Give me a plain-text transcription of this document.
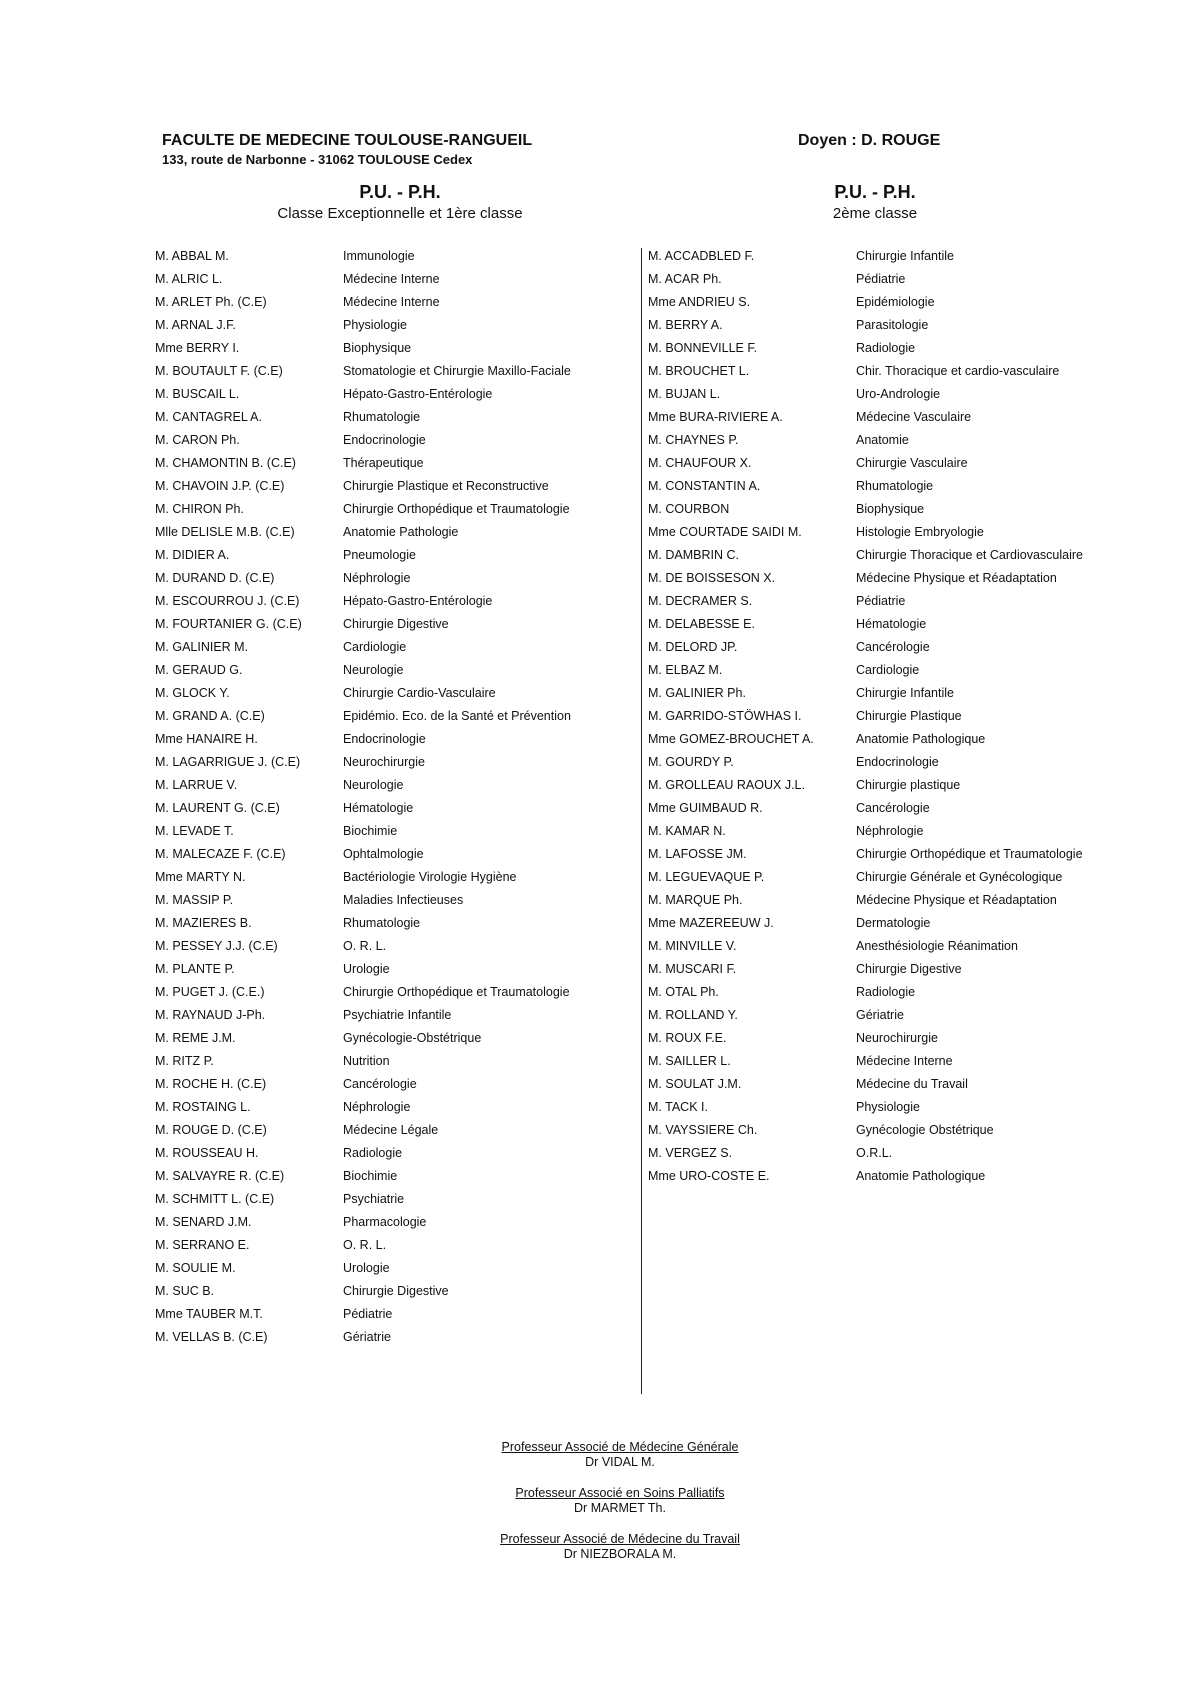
FACULTE DE MEDECINE TOULOUSE-RANGUEIL
133, route de Narbonne - 31062 TOULOUSE Cedex
Doyen : D. ROUGE
P.U. - P.H.
Classe Exceptionnelle et 1ère classe
P.U. - P.H.
2ème classe
M. ABBAL M.	Immunologie
M. ALRIC L.	Médecine Interne
M. ARLET Ph. (C.E)	Médecine Interne
M. ARNAL J.F.	Physiologie
Mme BERRY I.	Biophysique
M. BOUTAULT F. (C.E)	Stomatologie et Chirurgie Maxillo-Faciale
M. BUSCAIL L.	Hépato-Gastro-Entérologie
M. CANTAGREL A.	Rhumatologie
M. CARON Ph.	Endocrinologie
M. CHAMONTIN B. (C.E)	Thérapeutique
M. CHAVOIN J.P. (C.E)	Chirurgie Plastique et Reconstructive
M. CHIRON Ph.	Chirurgie Orthopédique et Traumatologie
Mlle DELISLE M.B. (C.E)	Anatomie Pathologie
M. DIDIER A.	Pneumologie
M. DURAND D. (C.E)	Néphrologie
M. ESCOURROU J. (C.E)	Hépato-Gastro-Entérologie
M. FOURTANIER G. (C.E)	Chirurgie Digestive
M. GALINIER M.	Cardiologie
M. GERAUD G.	Neurologie
M. GLOCK Y.	Chirurgie Cardio-Vasculaire
M. GRAND A. (C.E)	Epidémio. Eco. de la Santé et Prévention
Mme HANAIRE H.	Endocrinologie
M. LAGARRIGUE J. (C.E)	Neurochirurgie
M. LARRUE V.	Neurologie
M. LAURENT G. (C.E)	Hématologie
M. LEVADE T.	Biochimie
M. MALECAZE F. (C.E)	Ophtalmologie
Mme MARTY N.	Bactériologie Virologie Hygiène
M. MASSIP P.	Maladies Infectieuses
M. MAZIERES B.	Rhumatologie
M. PESSEY J.J. (C.E)	O. R. L.
M. PLANTE P.	Urologie
M. PUGET J. (C.E.)	Chirurgie Orthopédique et Traumatologie
M. RAYNAUD J-Ph.	Psychiatrie Infantile
M. REME J.M.	Gynécologie-Obstétrique
M. RITZ P.	Nutrition
M. ROCHE H. (C.E)	Cancérologie
M. ROSTAING L.	Néphrologie
M. ROUGE D. (C.E)	Médecine Légale
M. ROUSSEAU H.	Radiologie
M. SALVAYRE R. (C.E)	Biochimie
M. SCHMITT L. (C.E)	Psychiatrie
M. SENARD J.M.	Pharmacologie
M. SERRANO E.	O. R. L.
M. SOULIE M.	Urologie
M. SUC B.	Chirurgie Digestive
Mme TAUBER M.T.	Pédiatrie
M. VELLAS B. (C.E)	Gériatrie
M. ACCADBLED F.	Chirurgie Infantile
M. ACAR Ph.	Pédiatrie
Mme ANDRIEU S.	Epidémiologie
M. BERRY A.	Parasitologie
M. BONNEVILLE F.	Radiologie
M. BROUCHET L.	Chir. Thoracique et cardio-vasculaire
M. BUJAN L.	Uro-Andrologie
Mme BURA-RIVIERE A.	Médecine Vasculaire
M. CHAYNES P.	Anatomie
M. CHAUFOUR X.	Chirurgie Vasculaire
M. CONSTANTIN A.	Rhumatologie
M. COURBON	Biophysique
Mme COURTADE SAIDI M.	Histologie Embryologie
M. DAMBRIN C.	Chirurgie Thoracique et Cardiovasculaire
M. DE BOISSESON X.	Médecine Physique et Réadaptation
M. DECRAMER S.	Pédiatrie
M. DELABESSE E.	Hématologie
M. DELORD JP.	Cancérologie
M. ELBAZ M.	Cardiologie
M. GALINIER Ph.	Chirurgie Infantile
M. GARRIDO-STÖWHAS I.	Chirurgie Plastique
Mme GOMEZ-BROUCHET A.	Anatomie Pathologique
M. GOURDY P.	Endocrinologie
M. GROLLEAU RAOUX J.L.	Chirurgie plastique
Mme GUIMBAUD R.	Cancérologie
M. KAMAR N.	Néphrologie
M. LAFOSSE JM.	Chirurgie Orthopédique et Traumatologie
M. LEGUEVAQUE P.	Chirurgie Générale et Gynécologique
M. MARQUE Ph.	Médecine Physique et Réadaptation
Mme MAZEREEUW J.	Dermatologie
M. MINVILLE V.	Anesthésiologie Réanimation
M. MUSCARI F.	Chirurgie Digestive
M. OTAL Ph.	Radiologie
M. ROLLAND Y.	Gériatrie
M. ROUX F.E.	Neurochirurgie
M. SAILLER L.	Médecine Interne
M. SOULAT J.M.	Médecine du Travail
M. TACK I.	Physiologie
M. VAYSSIERE Ch.	Gynécologie Obstétrique
M. VERGEZ S.	O.R.L.
Mme URO-COSTE E.	Anatomie Pathologique
Professeur Associé de Médecine Générale
Dr VIDAL M.
Professeur Associé en Soins Palliatifs
Dr MARMET Th.
Professeur Associé de Médecine du Travail
Dr NIEZBORALA M.
